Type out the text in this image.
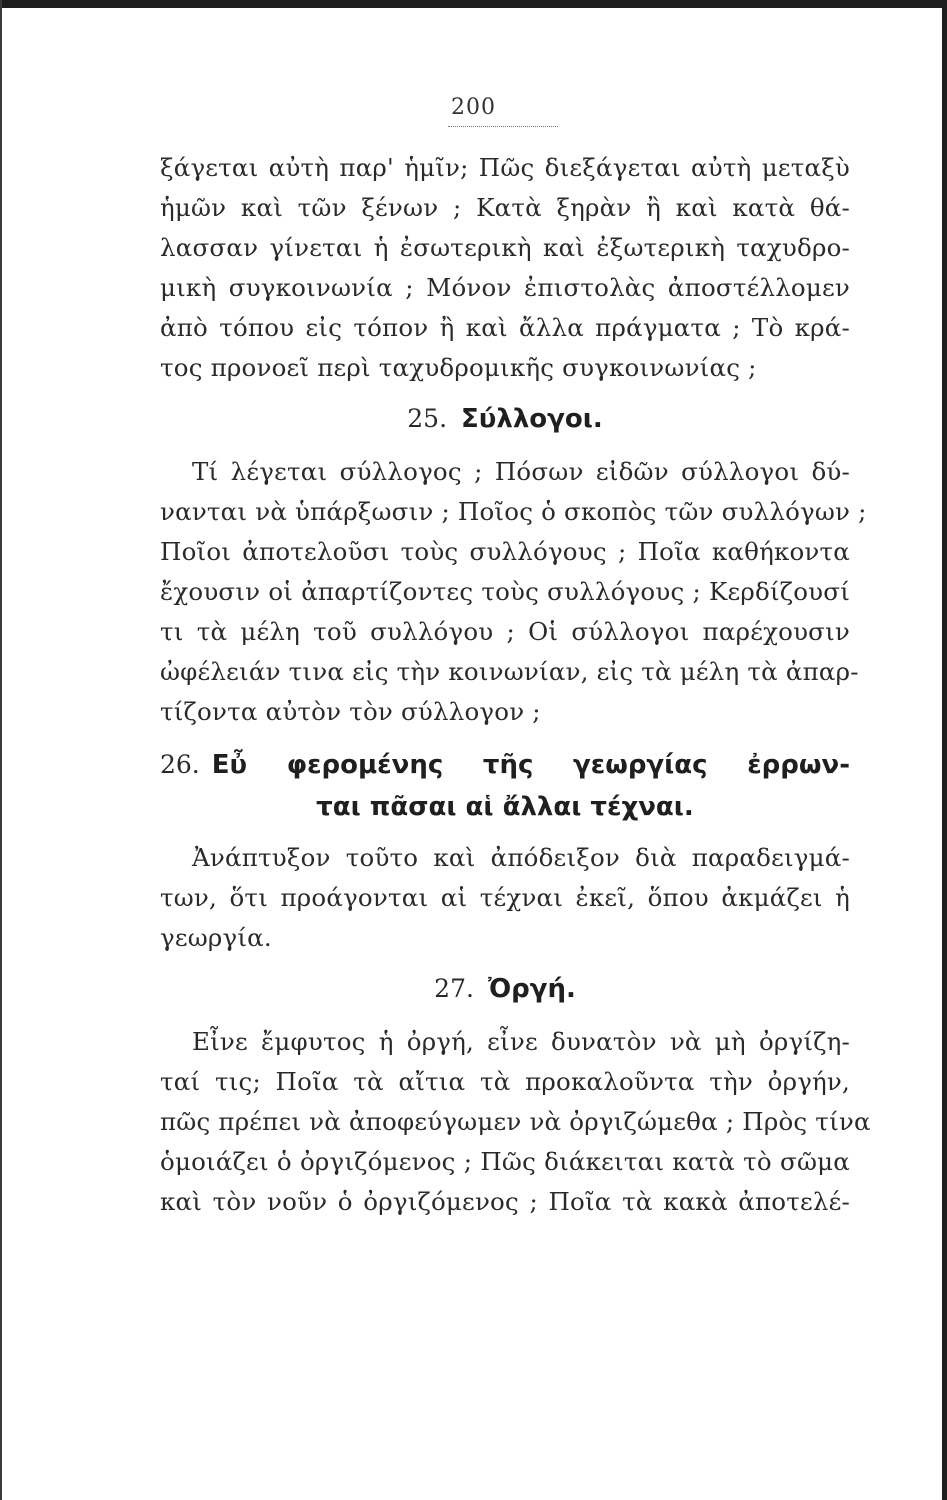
200
ξάγεται αὐτὴ παρ' ἡμῖν; Πῶς διεξάγεται αὐτὴ μεταξὺ
ἡμῶν καὶ τῶν ξένων ; Κατὰ ξηρὰν ἢ καὶ κατὰ θά-
λασσαν γίνεται ἡ ἐσωτερικὴ καὶ ἐξωτερικὴ ταχυδρο-
μικὴ συγκοινωνία ; Μόνον ἐπιστολὰς ἀποστέλλομεν
ἀπὸ τόπου εἰς τόπον ἢ καὶ ἄλλα πράγματα ; Τὸ κρά-
τος προνοεῖ περὶ ταχυδρομικῆς συγκοινωνίας ;
25. Σύλλογοι.
Τί λέγεται σύλλογος ; Πόσων εἰδῶν σύλλογοι δύ-
νανται νὰ ὑπάρξωσιν ; Ποῖος ὁ σκοπὸς τῶν συλλόγων ;
Ποῖοι ἀποτελοῦσι τοὺς συλλόγους ; Ποῖα καθήκοντα
ἔχουσιν οἱ ἀπαρτίζοντες τοὺς συλλόγους ; Κερδίζουσί
τι τὰ μέλη τοῦ συλλόγου ; Οἱ σύλλογοι παρέχουσιν
ὠφέλειάν τινα εἰς τὴν κοινωνίαν, εἰς τὰ μέλη τὰ ἀπαρ-
τίζοντα αὐτὸν τὸν σύλλογον ;
26. Εὖ φερομένης τῆς γεωργίας ἐρρων-
ται πᾶσαι αἱ ἄλλαι τέχναι.
Ἀνάπτυξον τοῦτο καὶ ἀπόδειξον διὰ παραδειγμά-
των, ὅτι προάγονται αἱ τέχναι ἐκεῖ, ὅπου ἀκμάζει ἡ
γεωργία.
27. Ὀργή.
Εἶνε ἔμφυτος ἡ ὀργή, εἶνε δυνατὸν νὰ μὴ ὀργίζη-
ταί τις; Ποῖα τὰ αἴτια τὰ προκαλοῦντα τὴν ὀργήν,
πῶς πρέπει νὰ ἀποφεύγωμεν νὰ ὀργιζώμεθα ; Πρὸς τίνα
ὁμοιάζει ὁ ὀργιζόμενος ; Πῶς διάκειται κατὰ τὸ σῶμα
καὶ τὸν νοῦν ὁ ὀργιζόμενος ; Ποῖα τὰ κακὰ ἀποτελέ-
